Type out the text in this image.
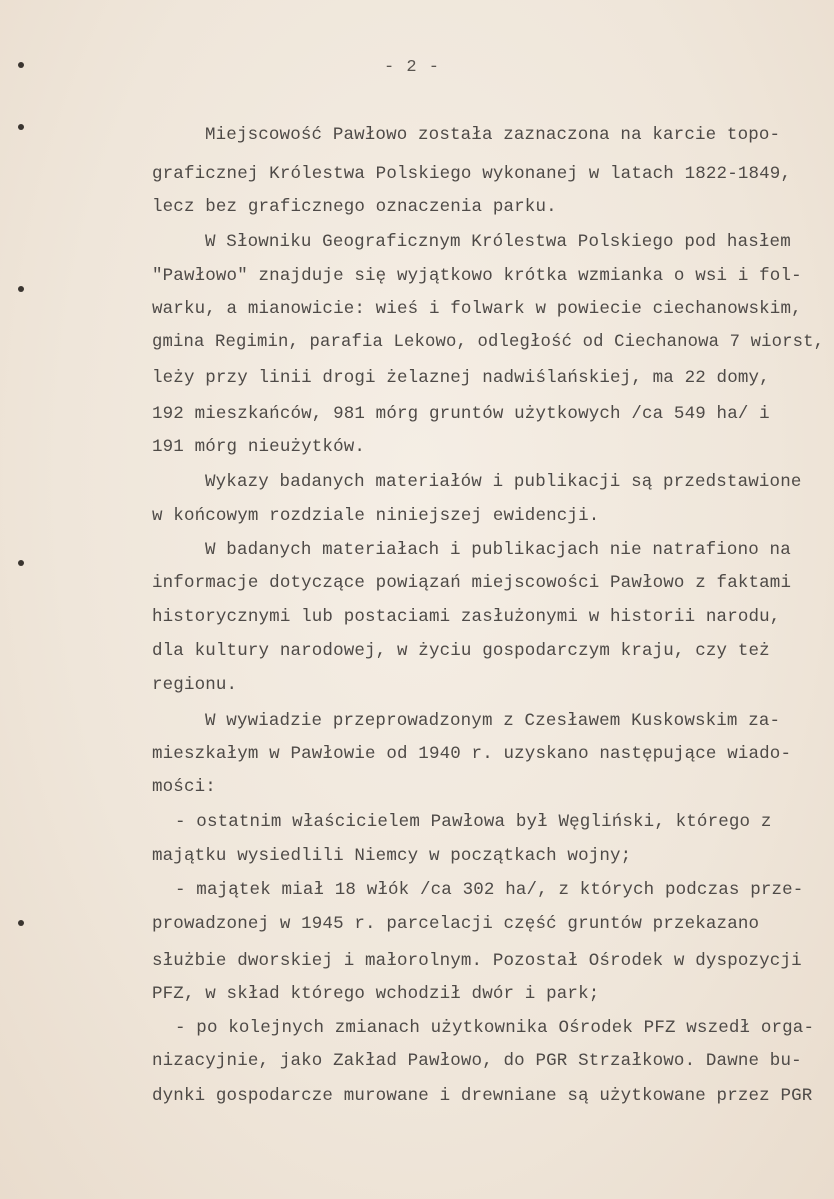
- 2 -
Miejscowość Pawłowo została zaznaczona na karcie topo-
graficznej Królestwa Polskiego wykonanej w latach 1822-1849,
lecz bez graficznego oznaczenia parku.
W Słowniku Geograficznym Królestwa Polskiego pod hasłem
"Pawłowo" znajduje się wyjątkowo krótka wzmianka o wsi i fol-
warku, a mianowicie: wieś i folwark w powiecie ciechanowskim,
gmina Regimin, parafia Lekowo, odległość od Ciechanowa 7 wiorst,
leży przy linii drogi żelaznej nadwiślańskiej, ma 22 domy,
192 mieszkańców, 981 mórg gruntów użytkowych /ca 549 ha/ i
191 mórg nieużytków.
Wykazy badanych materiałów i publikacji są przedstawione
w końcowym rozdziale niniejszej ewidencji.
W badanych materiałach i publikacjach nie natrafiono na
informacje dotyczące powiązań miejscowości Pawłowo z faktami
historycznymi lub postaciami zasłużonymi w historii narodu,
dla kultury narodowej, w życiu gospodarczym kraju, czy też
regionu.
W wywiadzie przeprowadzonym z Czesławem Kuskowskim za-
mieszkałym w Pawłowie od 1940 r. uzyskano następujące wiado-
mości:
- ostatnim właścicielem Pawłowa był Węgliński, którego z
majątku wysiedlili Niemcy w początkach wojny;
- majątek miał 18 włók /ca 302 ha/, z których podczas prze-
prowadzonej w 1945 r. parcelacji część gruntów przekazano
służbie dworskiej i małorolnym. Pozostał Ośrodek w dyspozycji
PFZ, w skład którego wchodził dwór i park;
- po kolejnych zmianach użytkownika Ośrodek PFZ wszedł orga-
nizacyjnie, jako Zakład Pawłowo, do PGR Strzałkowo. Dawne bu-
dynki gospodarcze murowane i drewniane są użytkowane przez PGR
